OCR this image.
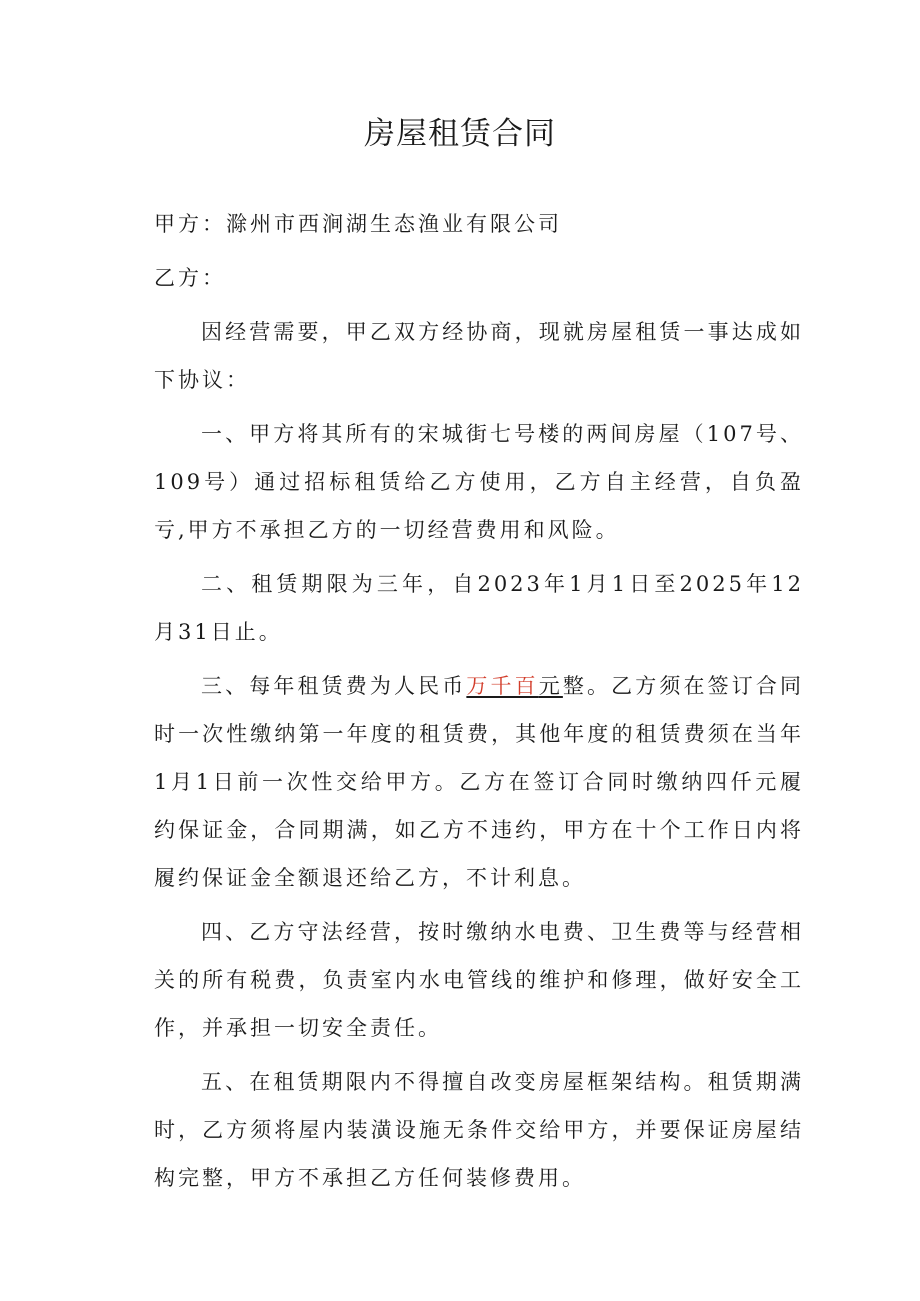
房屋租赁合同

甲方：滁州市西涧湖生态渔业有限公司

乙方：

因经营需要，甲乙双方经协商，现就房屋租赁一事达成如下协议：

一、甲方将其所有的宋城街七号楼的两间房屋（107号、109号）通过招标租赁给乙方使用，乙方自主经营，自负盈亏,甲方不承担乙方的一切经营费用和风险。

二、租赁期限为三年，自2023年1月1日至2025年12月31日止。

三、每年租赁费为人民币万千百元整。乙方须在签订合同时一次性缴纳第一年度的租赁费，其他年度的租赁费须在当年1月1日前一次性交给甲方。乙方在签订合同时缴纳四仟元履约保证金，合同期满，如乙方不违约，甲方在十个工作日内将履约保证金全额退还给乙方，不计利息。

四、乙方守法经营，按时缴纳水电费、卫生费等与经营相关的所有税费，负责室内水电管线的维护和修理，做好安全工作，并承担一切安全责任。

五、在租赁期限内不得擅自改变房屋框架结构。租赁期满时，乙方须将屋内装潢设施无条件交给甲方，并要保证房屋结构完整，甲方不承担乙方任何装修费用。
